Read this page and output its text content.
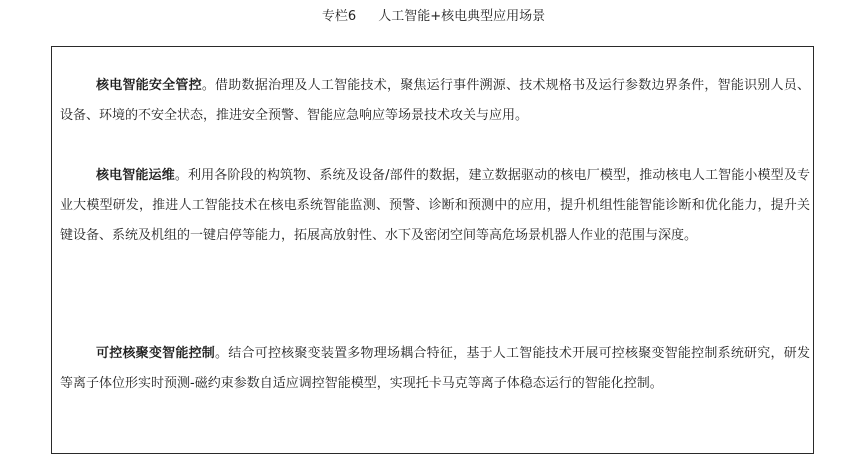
专栏6 人工智能+核电典型应用场景

核电智能安全管控。借助数据治理及人工智能技术，聚焦运行事件溯源、技术规格书及运行参数边界条件，智能识别人员、设备、环境的不安全状态，推进安全预警、智能应急响应等场景技术攻关与应用。

核电智能运维。利用各阶段的构筑物、系统及设备/部件的数据，建立数据驱动的核电厂模型，推动核电人工智能小模型及专业大模型研发，推进人工智能技术在核电系统智能监测、预警、诊断和预测中的应用，提升机组性能智能诊断和优化能力，提升关键设备、系统及机组的一键启停等能力，拓展高放射性、水下及密闭空间等高危场景机器人作业的范围与深度。

可控核聚变智能控制。结合可控核聚变装置多物理场耦合特征，基于人工智能技术开展可控核聚变智能控制系统研究，研发等离子体位形实时预测-磁约束参数自适应调控智能模型，实现托卡马克等离子体稳态运行的智能化控制。
